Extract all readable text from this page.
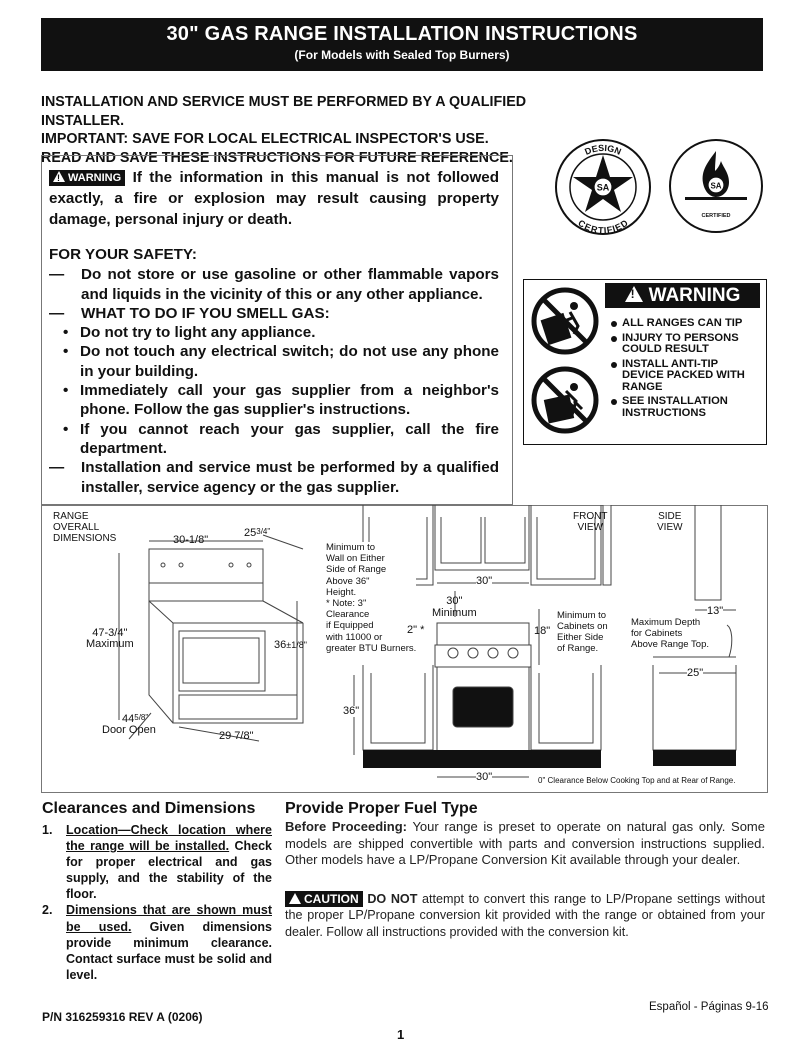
30" GAS RANGE INSTALLATION INSTRUCTIONS
(For Models with Sealed Top Burners)
INSTALLATION AND SERVICE MUST BE PERFORMED BY A QUALIFIED INSTALLER.
IMPORTANT: SAVE FOR LOCAL ELECTRICAL INSPECTOR'S USE.
READ AND SAVE THESE INSTRUCTIONS FOR FUTURE REFERENCE.
!WARNING If the information in this manual is not followed exactly, a fire or explosion may result causing property damage, personal injury or death.
FOR YOUR SAFETY:
—	Do not store or use gasoline or other flammable vapors and liquids in the vicinity of this or any other appliance.
—	WHAT TO DO IF YOU SMELL GAS:
• Do not try to light any appliance.
• Do not touch any electrical switch; do not use any phone in your building.
• Immediately call your gas supplier from a neighbor's phone. Follow the gas supplier's instructions.
• If you cannot reach your gas supplier, call the fire department.
—	Installation and service must be performed by a qualified installer, service agency or the gas supplier.
DESIGN
CERTIFIED
SA	SA
CERTIFIED
! WARNING
ALL RANGES CAN TIP
INJURY TO PERSONS COULD RESULT
INSTALL ANTI-TIP DEVICE PACKED WITH RANGE
SEE INSTALLATION INSTRUCTIONS
RANGE
OVERALL
DIMENSIONS	30-1/8"
253/4"
47-3/4"
Maximum	36±1/8"
445/8"
Door Open	29 7/8"
Minimum to
Wall on Either
Side of Range
Above 36"
Height.
* Note: 3"
Clearance
if Equipped
with 11000 or
greater BTU Burners.
FRONT
VIEW
SIDE
VIEW
30"
30"
Minimum
2" *	18"
Minimum to
Cabinets on
Either Side
of Range.
13"
Maximum Depth
for Cabinets
Above Range Top.
25"
36"
30"	0" Clearance Below Cooking Top and at Rear of Range.
Clearances and Dimensions
1.	Location—Check location where the range will be installed. Check for proper electrical and gas supply, and the stability of the floor.
2.	Dimensions that are shown must be used. Given dimensions provide minimum clearance. Contact surface must be solid and level.
Provide Proper Fuel Type
Before Proceeding: Your range is preset to operate on natural gas only. Some models are shipped convertible with parts and conversion instructions supplied. Other models have a LP/Propane Conversion Kit available through your dealer.
CAUTION DO NOT attempt to convert this range to LP/Propane settings without the proper LP/Propane conversion kit provided with the range or obtained from your dealer. Follow all instructions provided with the conversion kit.
P/N 316259316 REV A (0206)
Español - Páginas 9-16
1
